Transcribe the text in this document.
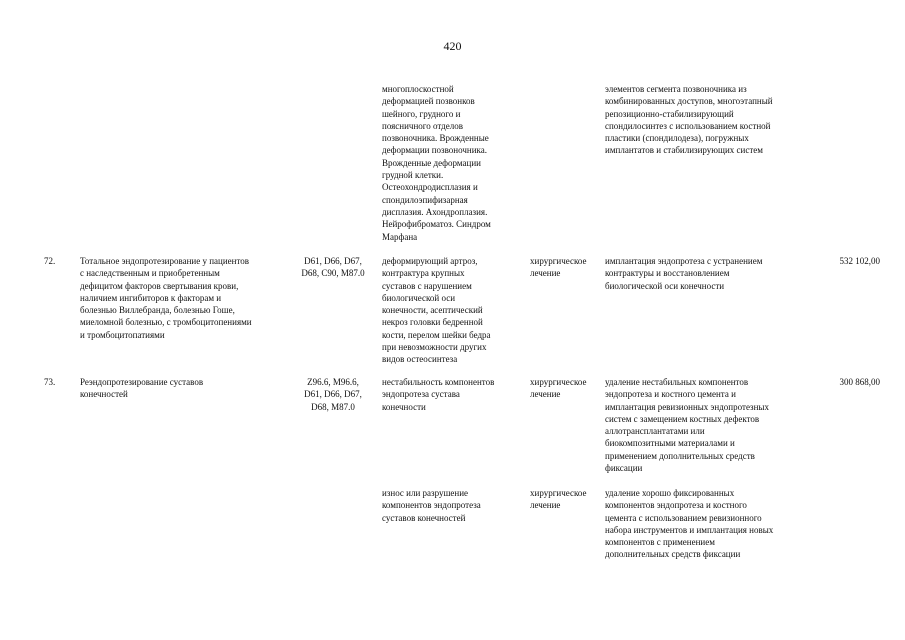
420
многоплоскостной
деформацией позвонков
шейного, грудного и
поясничного отделов
позвоночника. Врожденные
деформации позвоночника.
Врожденные деформации
грудной клетки.
Остеохондродисплазия и
спондилоэпифизарная
дисплазия. Ахондроплазия.
Нейрофиброматоз. Синдром
Марфана
элементов сегмента позвоночника из
комбинированных доступов, многоэтапный
репозиционно-стабилизирующий
спондилосинтез с использованием костной
пластики (спондилодеза), погружных
имплантатов и стабилизирующих систем
72.	Тотальное эндопротезирование у пациентов
с наследственным и приобретенным
дефицитом факторов свертывания крови,
наличием ингибиторов к факторам и
болезнью Виллебранда, болезнью Гоше,
миеломной болезнью, с тромбоцитопениями
и тромбоцитопатиями
D61, D66, D67,
D68, C90, M87.0
деформирующий артроз,
контрактура крупных
суставов с нарушением
биологической оси
конечности, асептический
некроз головки бедренной
кости, перелом шейки бедра
при невозможности других
видов остеосинтеза
хирургическое
лечение
имплантация эндопротеза с устранением
контрактуры и восстановлением
биологической оси конечности
532 102,00
73.	Реэндопротезирование суставов
конечностей
Z96.6, M96.6,
D61, D66, D67,
D68, M87.0
нестабильность компонентов
эндопротеза сустава
конечности
хирургическое
лечение
удаление нестабильных компонентов
эндопротеза и костного цемента и
имплантация ревизионных эндопротезных
систем с замещением костных дефектов
аллотрансплантатами или
биокомпозитными материалами и
применением дополнительных средств
фиксации
300 868,00
износ или разрушение
компонентов эндопротеза
суставов конечностей
хирургическое
лечение
удаление хорошо фиксированных
компонентов эндопротеза и костного
цемента с использованием ревизионного
набора инструментов и имплантация новых
компонентов с применением
дополнительных средств фиксации
